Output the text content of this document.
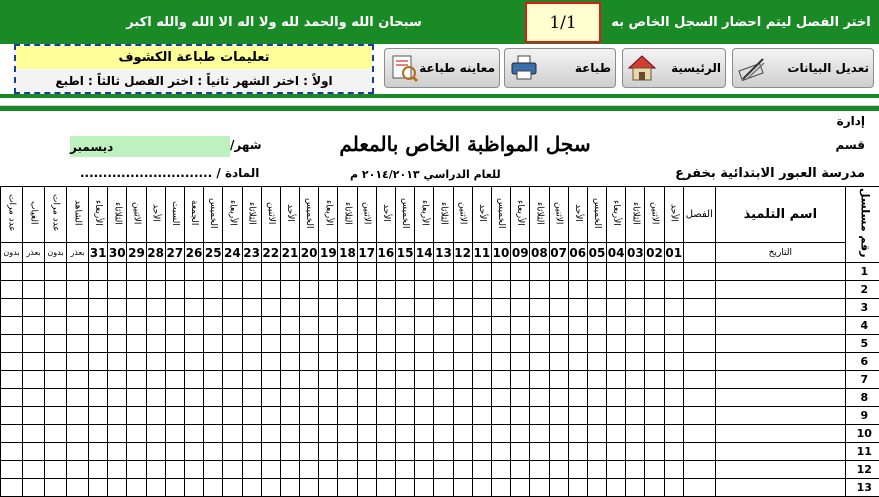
سبحان الله والحمد لله ولا اله الا الله والله اكبر	1/1	اختر الفصل ليتم احضار السجل الخاص به
تعليمات طباعة الكشوف
اولاً : اختر الشهر ثانياً : اختر الفصل ثالثاً : اطبع
معاينه طباعة	طباعة	الرئيسية	تعديل البيانات
إدارة
قسم
سجل المواظبة الخاص بالمعلم
شهر/
ديسمبر
مدرسة العبور الابتدائية بخفرع
للعام الدراسي ٢٠١٤/٢٠١٣ م
المادة / .............................
عدد مرات	الغياب	عدد مرات	الشاهد	الأربعاء	الثلاثاء	الاثنين	الأحد	السبت	الجمعة	الخميس	الأربعاء	الثلاثاء	الاثنين	الأحد	الخميس	الأربعاء	الثلاثاء	الاثنين	الأحد	الخميس	الأربعاء	الثلاثاء	الاثنين	الأحد	الخميس	الأربعاء	الثلاثاء	الاثنين	الأحد	الخميس	الأربعاء	الثلاثاء	الاثنين	الأحد	الفصل	اسم التلميذ	رقم مسلسل
بدون	بعذر	بدون	بعذر	31	30	29	28	27	26	25	24	23	22	21	20	19	18	17	16	15	14	13	12	11	10	09	08	07	06	05	04	03	02	01		التاريخ	
																																					1
																																					2
																																					3
																																					4
																																					5
																																					6
																																					7
																																					8
																																					9
																																					10
																																					11
																																					12
																																					13
